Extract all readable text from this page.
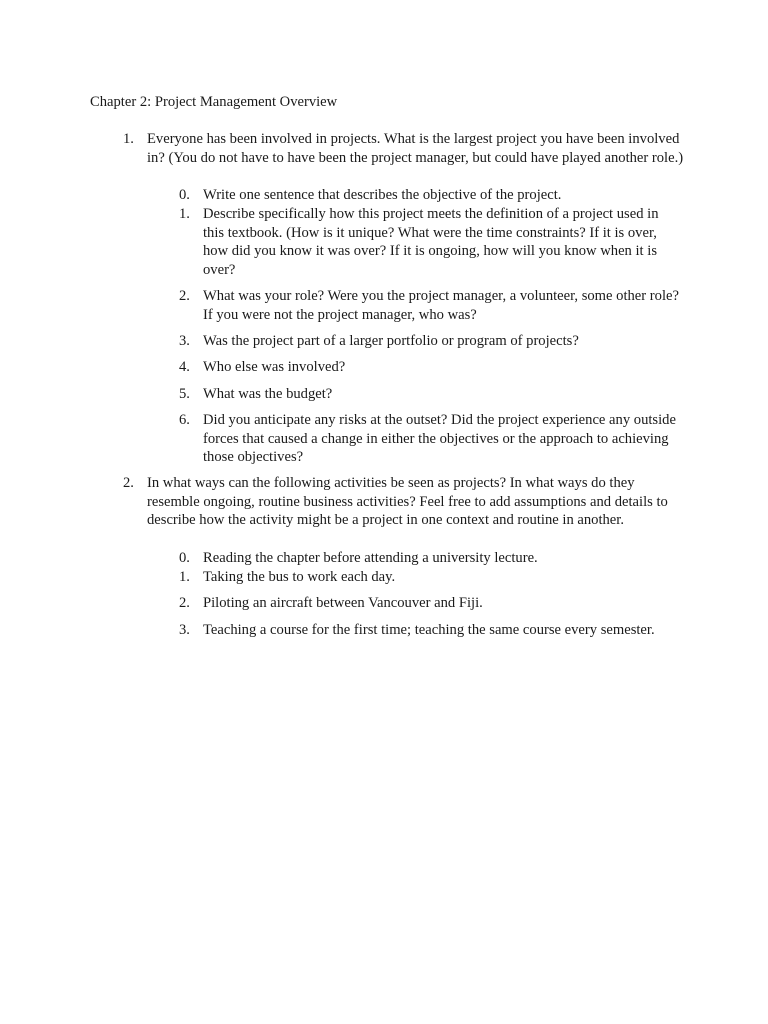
Chapter 2: Project Management Overview
1. Everyone has been involved in projects. What is the largest project you have been involved in? (You do not have to have been the project manager, but could have played another role.)

0. Write one sentence that describes the objective of the project.

1. Describe specifically how this project meets the definition of a project used in this textbook. (How is it unique? What were the time constraints? If it is over, how did you know it was over? If it is ongoing, how will you know when it is over?

2. What was your role? Were you the project manager, a volunteer, some other role? If you were not the project manager, who was?

3. Was the project part of a larger portfolio or program of projects?

4. Who else was involved?

5. What was the budget?

6. Did you anticipate any risks at the outset? Did the project experience any outside forces that caused a change in either the objectives or the approach to achieving those objectives?

2. In what ways can the following activities be seen as projects? In what ways do they resemble ongoing, routine business activities? Feel free to add assumptions and details to describe how the activity might be a project in one context and routine in another.

0. Reading the chapter before attending a university lecture.

1. Taking the bus to work each day.

2. Piloting an aircraft between Vancouver and Fiji.

3. Teaching a course for the first time; teaching the same course every semester.
